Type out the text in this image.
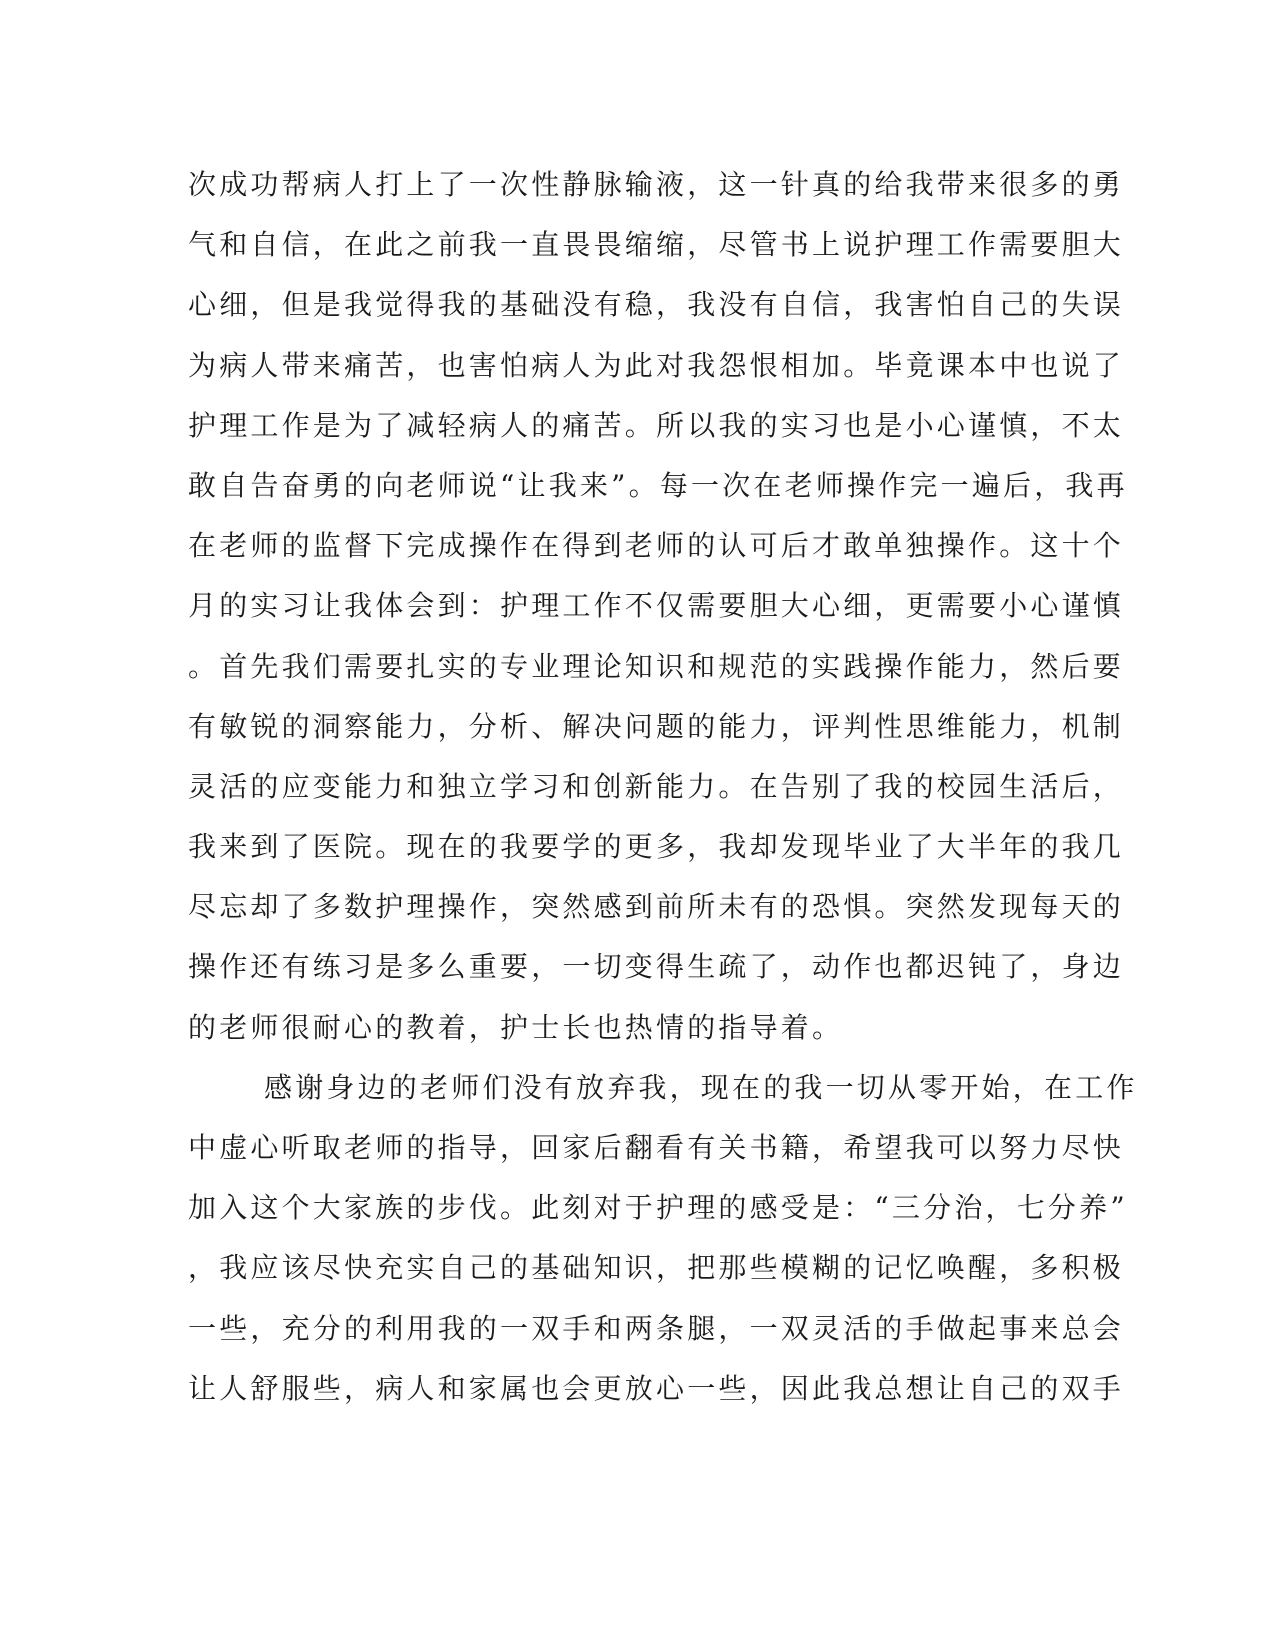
次成功帮病人打上了一次性静脉输液，这一针真的给我带来很多的勇
气和自信，在此之前我一直畏畏缩缩，尽管书上说护理工作需要胆大
心细，但是我觉得我的基础没有稳，我没有自信，我害怕自己的失误
为病人带来痛苦，也害怕病人为此对我怨恨相加。毕竟课本中也说了
护理工作是为了减轻病人的痛苦。所以我的实习也是小心谨慎，不太
敢自告奋勇的向老师说“让我来”。每一次在老师操作完一遍后，我再
在老师的监督下完成操作在得到老师的认可后才敢单独操作。这十个
月的实习让我体会到：护理工作不仅需要胆大心细，更需要小心谨慎
。首先我们需要扎实的专业理论知识和规范的实践操作能力，然后要
有敏锐的洞察能力，分析、解决问题的能力，评判性思维能力，机制
灵活的应变能力和独立学习和创新能力。在告别了我的校园生活后，
我来到了医院。现在的我要学的更多，我却发现毕业了大半年的我几
尽忘却了多数护理操作，突然感到前所未有的恐惧。突然发现每天的
操作还有练习是多么重要，一切变得生疏了，动作也都迟钝了，身边
的老师很耐心的教着，护士长也热情的指导着。
感谢身边的老师们没有放弃我，现在的我一切从零开始，在工作
中虚心听取老师的指导，回家后翻看有关书籍，希望我可以努力尽快
加入这个大家族的步伐。此刻对于护理的感受是：“三分治，七分养”
，我应该尽快充实自己的基础知识，把那些模糊的记忆唤醒，多积极
一些，充分的利用我的一双手和两条腿，一双灵活的手做起事来总会
让人舒服些，病人和家属也会更放心一些，因此我总想让自己的双手
